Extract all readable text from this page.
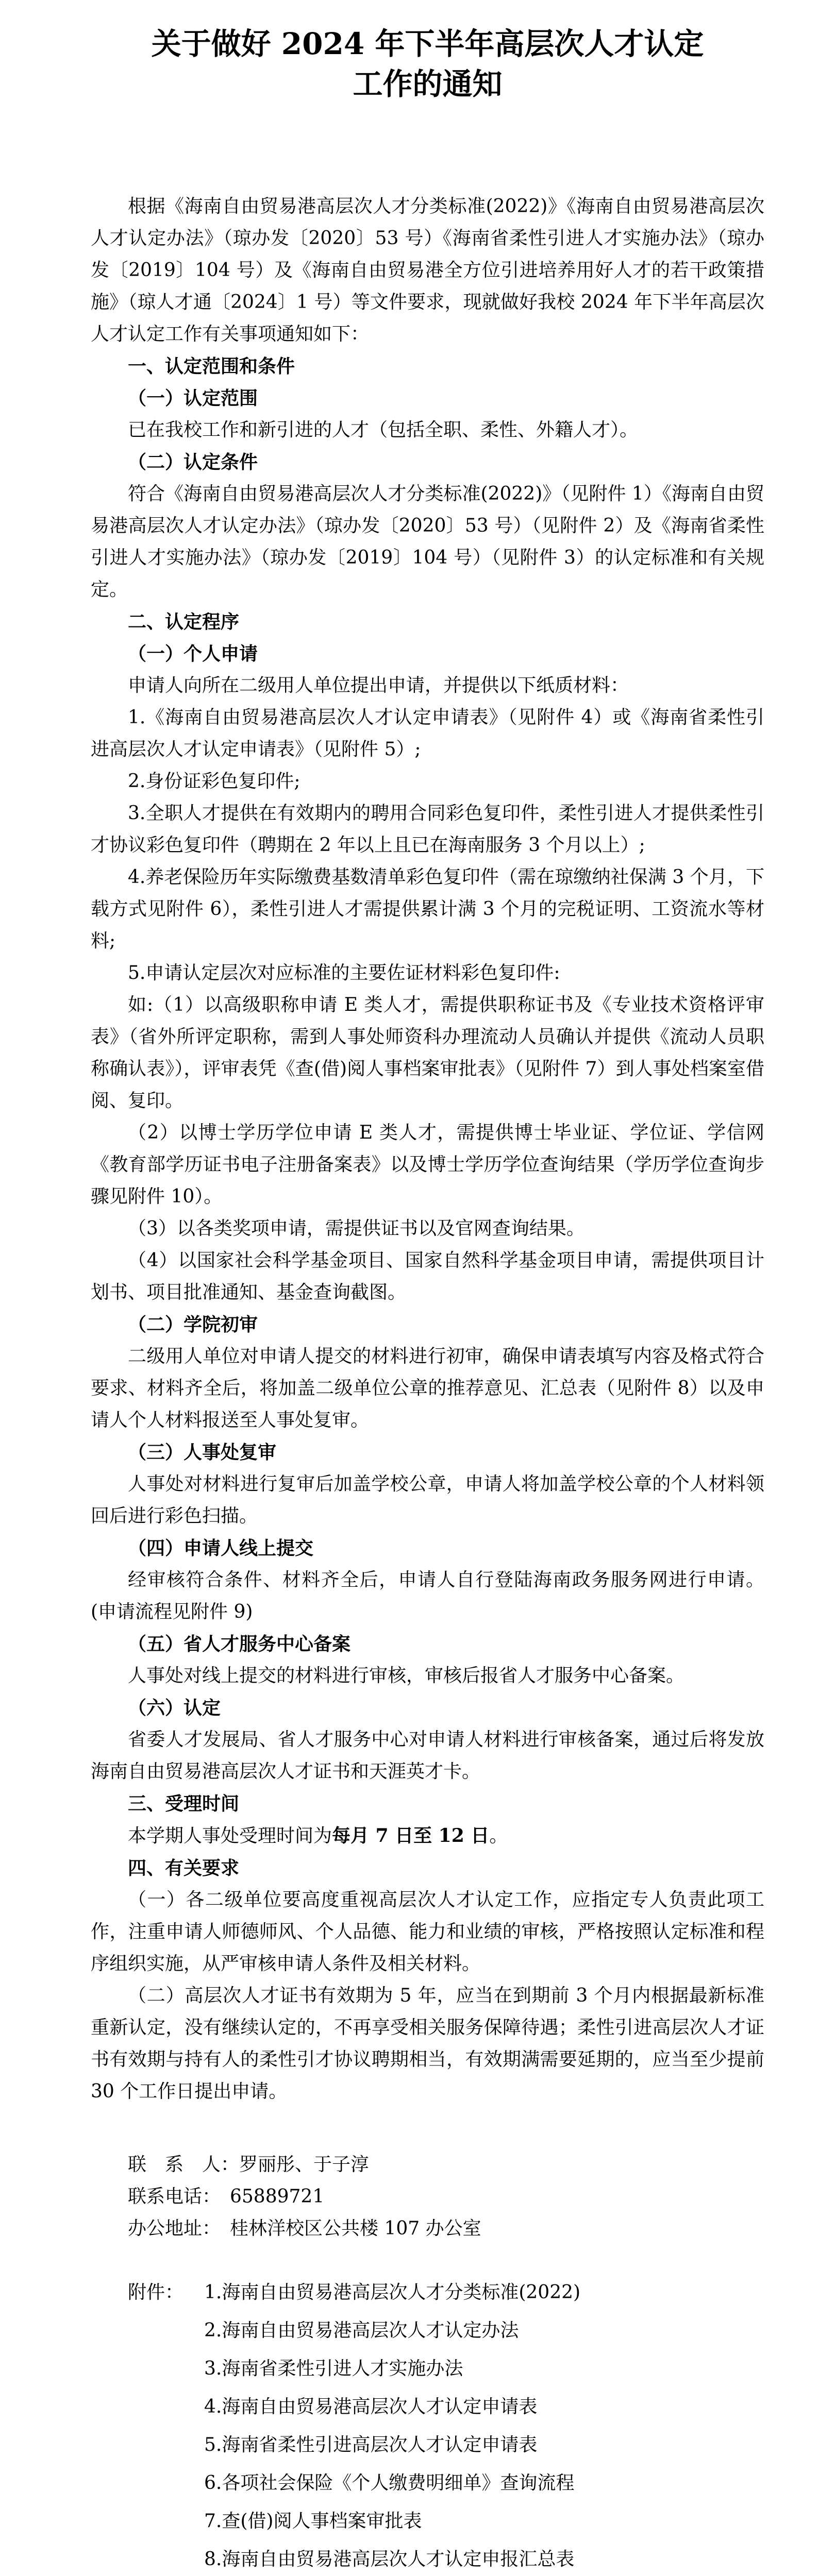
关于做好 2024 年下半年高层次人才认定
工作的通知

根据《海南自由贸易港高层次人才分类标准(2022)》《海南自由贸易港高层次人才认定办法》（琼办发〔2020〕53 号）《海南省柔性引进人才实施办法》（琼办发〔2019〕104 号）及《海南自由贸易港全方位引进培养用好人才的若干政策措施》（琼人才通〔2024〕1 号）等文件要求，现就做好我校 2024 年下半年高层次人才认定工作有关事项通知如下：

一、认定范围和条件

（一）认定范围

已在我校工作和新引进的人才（包括全职、柔性、外籍人才）。

（二）认定条件

符合《海南自由贸易港高层次人才分类标准(2022)》（见附件 1）《海南自由贸易港高层次人才认定办法》（琼办发〔2020〕53 号）（见附件 2）及《海南省柔性引进人才实施办法》（琼办发〔2019〕104 号）（见附件 3）的认定标准和有关规定。

二、认定程序

（一）个人申请

申请人向所在二级用人单位提出申请，并提供以下纸质材料：

1.《海南自由贸易港高层次人才认定申请表》（见附件 4）或《海南省柔性引进高层次人才认定申请表》（见附件 5）;

2.身份证彩色复印件;

3.全职人才提供在有效期内的聘用合同彩色复印件，柔性引进人才提供柔性引才协议彩色复印件（聘期在 2 年以上且已在海南服务 3 个月以上）;

4.养老保险历年实际缴费基数清单彩色复印件（需在琼缴纳社保满 3 个月，下载方式见附件 6），柔性引进人才需提供累计满 3 个月的完税证明、工资流水等材料;

5.申请认定层次对应标准的主要佐证材料彩色复印件:

如:（1）以高级职称申请 E 类人才，需提供职称证书及《专业技术资格评审表》（省外所评定职称，需到人事处师资科办理流动人员确认并提供《流动人员职称确认表》），评审表凭《查(借)阅人事档案审批表》（见附件 7）到人事处档案室借阅、复印。

（2）以博士学历学位申请 E 类人才，需提供博士毕业证、学位证、学信网《教育部学历证书电子注册备案表》以及博士学历学位查询结果（学历学位查询步骤见附件 10）。

（3）以各类奖项申请，需提供证书以及官网查询结果。

（4）以国家社会科学基金项目、国家自然科学基金项目申请，需提供项目计划书、项目批准通知、基金查询截图。

（二）学院初审

二级用人单位对申请人提交的材料进行初审，确保申请表填写内容及格式符合要求、材料齐全后，将加盖二级单位公章的推荐意见、汇总表（见附件 8）以及申请人个人材料报送至人事处复审。

（三）人事处复审

人事处对材料进行复审后加盖学校公章，申请人将加盖学校公章的个人材料领回后进行彩色扫描。

（四）申请人线上提交

经审核符合条件、材料齐全后，申请人自行登陆海南政务服务网进行申请。(申请流程见附件 9)

（五）省人才服务中心备案

人事处对线上提交的材料进行审核，审核后报省人才服务中心备案。

（六）认定

省委人才发展局、省人才服务中心对申请人材料进行审核备案，通过后将发放海南自由贸易港高层次人才证书和天涯英才卡。

三、受理时间

本学期人事处受理时间为每月 7 日至 12 日。

四、有关要求

（一）各二级单位要高度重视高层次人才认定工作，应指定专人负责此项工作，注重申请人师德师风、个人品德、能力和业绩的审核，严格按照认定标准和程序组织实施，从严审核申请人条件及相关材料。

（二）高层次人才证书有效期为 5 年，应当在到期前 3 个月内根据最新标准重新认定，没有继续认定的，不再享受相关服务保障待遇；柔性引进高层次人才证书有效期与持有人的柔性引才协议聘期相当，有效期满需要延期的，应当至少提前 30 个工作日提出申请。

联　系　人：罗丽彤、于子淳

联系电话：　65889721

办公地址：　桂林洋校区公共楼 107 办公室

附件：	1.海南自由贸易港高层次人才分类标准(2022)
2.海南自由贸易港高层次人才认定办法
3.海南省柔性引进人才实施办法
4.海南自由贸易港高层次人才认定申请表
5.海南省柔性引进高层次人才认定申请表
6.各项社会保险《个人缴费明细单》查询流程
7.查(借)阅人事档案审批表
8.海南自由贸易港高层次人才认定申报汇总表
